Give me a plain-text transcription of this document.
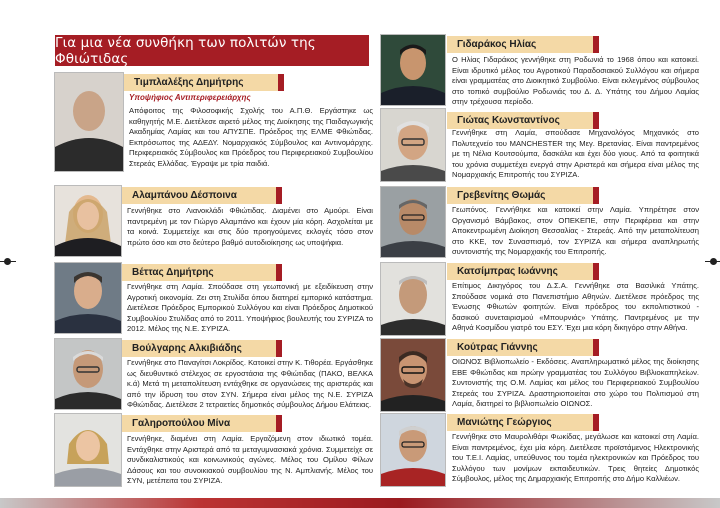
Για μια νέα συνθήκη των πολιτών της Φθιώτιδας
Τιμπλαλέξης Δημήτρης
Υποψήφιος Αντιπεριφερειάρχης
Απόφοιτος της Φιλοσοφικής Σχολής του Α.Π.Θ. Εργάστηκε ως καθηγητής Μ.Ε. Διετέλεσε αιρετό μέλος της Διοίκησης της Παιδαγωγικής Ακαδημίας Λαμίας και του ΑΠΥΣΠΕ. Πρόεδρος της ΕΛΜΕ Φθιώτιδας. Εκπρόσωπος της ΑΔΕΔΥ. Νομαρχιακός Σύμβουλος και Αντινομάρχης. Περιφερειακός Σύμβουλος και Πρόεδρος του Περιφερειακού Συμβουλίου Στερεάς Ελλάδας. Έγραψε με τρία παιδιά.
Αλαμπάνου Δέσποινα
Γεννήθηκε στο Λιανοκλάδι Φθιώτιδας. Διαμένει στο Αμούρι. Είναι παντρεμένη με τον Γιώργο Αλαμπάνο και έχουν μία κόρη. Ασχολείται με τα κοινά. Συμμετείχε και στις δύο προηγούμενες εκλογές τόσο στον πρώτο όσο και στο δεύτερο βαθμό αυτοδιοίκησης ως υποψήφια.
Βέττας Δημήτρης
Γεννήθηκε στη Λαμία. Σπούδασε στη γεωπονική με εξειδίκευση στην Αγροτική οικονομία. Ζει στη Στυλίδα όπου διατηρεί εμπορικό κατάστημα. Διετέλεσε Πρόεδρος Εμπορικού Συλλόγου και είναι Πρόεδρος Δημοτικού Συμβουλίου Στυλίδας από το 2011. Υποψήφιος βουλευτής του ΣΥΡΙΖΑ το 2012. Μέλος της Ν.Ε. ΣΥΡΙΖΑ.
Βούλγαρης Αλκιβιάδης
Γεννήθηκε στο Παναγίτσι Λοκρίδος. Κατοικεί στην Κ. Τιθορέα. Εργάσθηκε ως διευθυντικό στέλεχος σε εργοστάσια της Φθιώτιδας (ΠΑΚΟ, ΒΕΛΚΑ κ.ά) Μετά τη μεταπολίτευση εντάχθηκε σε οργανώσεις της αριστεράς και από την ίδρυση του στον ΣΥΝ. Σήμερα είναι μέλος της Ν.Ε. ΣΥΡΙΖΑ Φθιώτιδας. Διετέλεσε 2 τετραετίες δημοτικός σύμβουλος Δήμου Ελάτειας.
Γαληροπούλου Μίνα
Γεννήθηκε, διαμένει στη Λαμία. Εργαζόμενη στον ιδιωτικό τομέα. Εντάχθηκε στην Αριστερά από τα μεταγυμνασιακά χρόνια. Συμμετείχε σε συνδικαλιστικούς και κοινωνικούς αγώνες. Μέλος του Ομίλου Φίλων Δάσους και του συνοικιακού συμβουλίου της Ν. Αμπλιανής. Μέλος του ΣΥΝ, μετέπειτα του ΣΥΡΙΖΑ.
Γιδαράκος Ηλίας
Ο Ηλίας Γιδαράκος γεννήθηκε στη Ροδωνιά το 1968 όπου και κατοικεί. Είναι ιδρυτικό μέλος του Αγροτικού Παραδοσιακού Συλλόγου και σήμερα είναι γραμματέας στο Διοικητικό Συμβούλιο. Είναι εκλεγμένος σύμβουλος στο τοπικό συμβούλιο Ροδωνιάς του Δ. Δ. Υπάτης του Δήμου Λαμίας στην τρέχουσα περίοδο.
Γιώτας Κωνσταντίνος
Γεννήθηκε στη Λαμία, σπούδασε Μηχανολόγος Μηχανικός στο Πολυτεχνείο του MANCHESTER της Μεγ. Βρετανίας. Είναι παντρεμένος με τη Νέλια Κουτσούμπα, δασκάλα και έχει δύο γιους. Από τα φοιτητικά του χρόνια συμμετέχει ενεργά στην Αριστερά και σήμερα είναι μέλος της Νομαρχιακής Επιτροπής του ΣΥΡΙΖΑ.
Γρεβενίτης Θωμάς
Γεωπόνος. Γεννήθηκε και κατοικεί στην Λαμία. Υπηρέτησε στον Οργανισμό Βάμβακος, στον ΟΠΕΚΕΠΕ, στην Περιφέρεια και στην Αποκεντρωμένη Διοίκηση Θεσσαλίας - Στερεάς. Από την μεταπολίτευση στο ΚΚΕ, τον Συνασπισμό, τον ΣΥΡΙΖΑ και σήμερα αναπληρωτής συντονιστής της Νομαρχιακής του Επιτροπής.
Κατσίμπρας Ιωάννης
Επίτιμος Δικηγόρος του Δ.Σ.Α. Γεννήθηκε στα Βασιλικά Υπάτης. Σπούδασε νομικά στο Πανεπιστήμιο Αθηνών. Διετέλεσε πρόεδρος της Ένωσης Φθιωτών φοιτητών. Είναι πρόεδρος του εκπολιτιστικού - δασικού συνεταιρισμού «Μπουρνιάς» Υπάτης. Παντρεμένος με την Αθηνά Κοσμίδου γιατρό του ΕΣΥ. Έχει μια κόρη δικηγόρο στην Αθήνα.
Κούτρας Γιάννης
ΟΙΩΝΟΣ Βιβλιοπωλείο - Εκδόσεις. Αναπληρωματικό μέλος της διοίκησης ΕΒΕ Φθιώτιδας και πρώην γραμματέας του Συλλόγου Βιβλιοκαπηλείων. Συντονιστής της Ο.Μ. Λαμίας και μέλος του Περιφερειακού Συμβουλίου Στερεάς του ΣΥΡΙΖΑ. Δραστηριοποιείται στο χώρο του Πολιτισμού στη Λαμία, διατηρεί το βιβλιοπωλείο ΟΙΩΝΟΣ.
Μανιώτης Γεώργιος
Γεννήθηκε στο Μαυρολιθάρι Φωκίδας, μεγάλωσε και κατοικεί στη Λαμία. Είναι παντρεμένος, έχει μία κόρη. Διετέλεσε προϊστάμενος Ηλεκτρονικής του Τ.Ε.Ι. Λαμίας, υπεύθυνος του τομέα ηλεκτρονικών και Πρόεδρος του Συλλόγου των μονίμων εκπαιδευτικών. Τρεις θητείες Δημοτικός Σύμβουλος, μέλος της Δημαρχιακής Επιτροπής στο Δήμο Καλλιέων.
